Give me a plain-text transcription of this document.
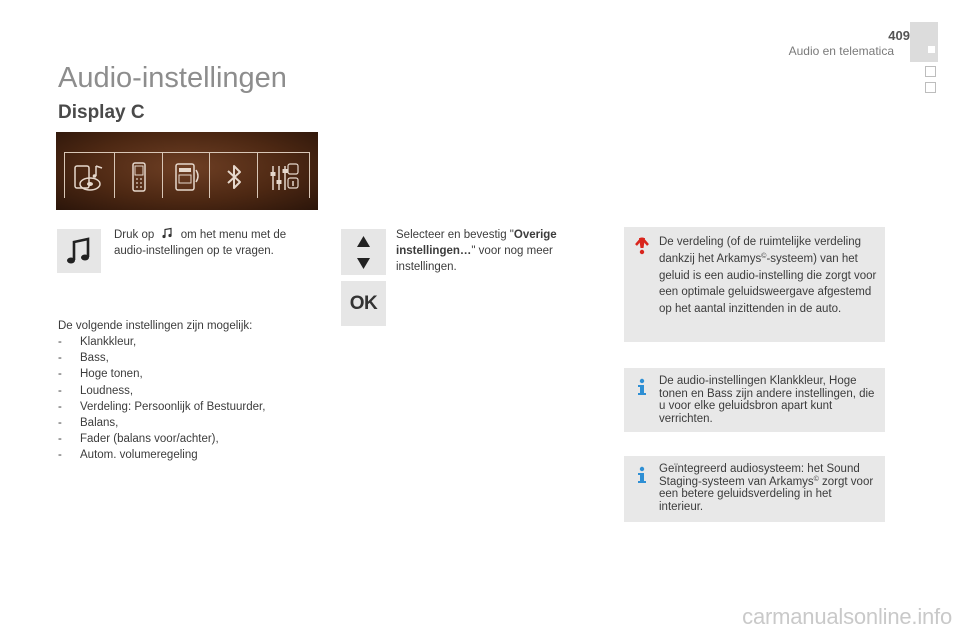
409
Audio en telematica
Audio-instellingen
Display C
Druk op om het menu met de audio-instellingen op te vragen.
OK
Selecteer en bevestig "Overige instellingen…" voor nog meer instellingen.
De volgende instellingen zijn mogelijk:
- Klankkleur,
- Bass,
- Hoge tonen,
- Loudness,
- Verdeling: Persoonlijk of Bestuurder,
- Balans,
- Fader (balans voor/achter),
- Autom. volumeregeling
De verdeling (of de ruimtelijke verdeling dankzij het Arkamys©-systeem) van het geluid is een audio-instelling die zorgt voor een optimale geluidsweergave afgestemd op het aantal inzittenden in de auto.
De audio-instellingen Klankkleur, Hoge tonen en Bass zijn andere instellingen, die u voor elke geluidsbron apart kunt verrichten.
Geïntegreerd audiosysteem: het Sound Staging-systeem van Arkamys© zorgt voor een betere geluidsverdeling in het interieur.
carmanualsonline.info
